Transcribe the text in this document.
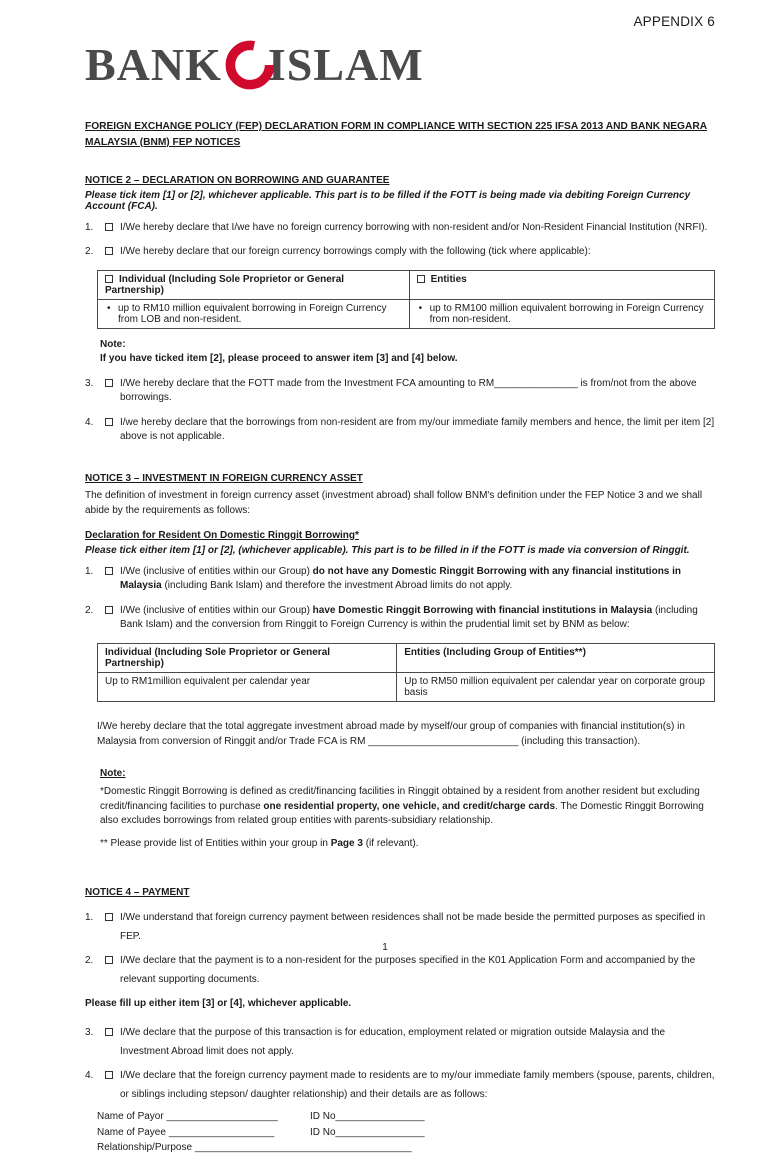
APPENDIX 6
BANK ISLAM
FOREIGN EXCHANGE POLICY (FEP) DECLARATION FORM IN COMPLIANCE WITH SECTION 225 IFSA 2013 AND BANK NEGARA MALAYSIA (BNM) FEP NOTICES
NOTICE 2 – DECLARATION ON BORROWING AND GUARANTEE
Please tick item [1] or [2], whichever applicable. This part is to be filled if the FOTT is being made via debiting Foreign Currency Account (FCA).
1.	I/We hereby declare that I/we have no foreign currency borrowing with non-resident and/or Non-Resident Financial Institution (NRFI).
2.	I/We hereby declare that our foreign currency borrowings comply with the following (tick where applicable):
Individual (Including Sole Proprietor or General Partnership)	Entities

• up to RM10 million equivalent borrowing in Foreign Currency from LOB and non-resident.	• up to RM100 million equivalent borrowing in Foreign Currency from non-resident.
Note:
If you have ticked item [2], please proceed to answer item [3] and [4] below.
3.	I/We hereby declare that the FOTT made from the Investment FCA amounting to RM_______________ is from/not from the above borrowings.
4.	I/we hereby declare that the borrowings from non-resident are from my/our immediate family members and hence, the limit per item [2] above is not applicable.
NOTICE 3 – INVESTMENT IN FOREIGN CURRENCY ASSET
The definition of investment in foreign currency asset (investment abroad) shall follow BNM's definition under the FEP Notice 3 and we shall abide by the requirements as follows:
Declaration for Resident On Domestic Ringgit Borrowing*
Please tick either item [1] or [2], (whichever applicable). This part is to be filled in if the FOTT is made via conversion of Ringgit.
1.	I/We (inclusive of entities within our Group) do not have any Domestic Ringgit Borrowing with any financial institutions in Malaysia (including Bank Islam) and therefore the investment Abroad limits do not apply.
2.	I/We (inclusive of entities within our Group) have Domestic Ringgit Borrowing with financial institutions in Malaysia (including Bank Islam) and the conversion from Ringgit to Foreign Currency is within the prudential limit set by BNM as below:
Individual (Including Sole Proprietor or General Partnership)	Entities (Including Group of Entities**)
Up to RM1million equivalent per calendar year	Up to RM50 million equivalent per calendar year on corporate group basis
I/We hereby declare that the total aggregate investment abroad made by myself/our group of companies with financial institution(s) in Malaysia from conversion of Ringgit and/or Trade FCA is RM ___________________________ (including this transaction).
Note:
*Domestic Ringgit Borrowing is defined as credit/financing facilities in Ringgit obtained by a resident from another resident but excluding credit/financing facilities to purchase one residential property, one vehicle, and credit/charge cards. The Domestic Ringgit Borrowing also excludes borrowings from related group entities with parents-subsidiary relationship.
** Please provide list of Entities within your group in Page 3 (if relevant).
NOTICE 4 – PAYMENT
1.	I/We understand that foreign currency payment between residences shall not be made beside the permitted purposes as specified in FEP.
2.	I/We declare that the payment is to a non-resident for the purposes specified in the K01 Application Form and accompanied by the relevant supporting documents.
Please fill up either item [3] or [4], whichever applicable.
3.	I/We declare that the purpose of this transaction is for education, employment related or migration outside Malaysia and the Investment Abroad limit does not apply.
4.	I/We declare that the foreign currency payment made to residents are to my/our immediate family members (spouse, parents, children, or siblings including stepson/ daughter relationship) and their details are as follows:
Name of Payor ____________________	ID No________________
Name of Payee ___________________	ID No________________
Relationship/Purpose _______________________________________
1
